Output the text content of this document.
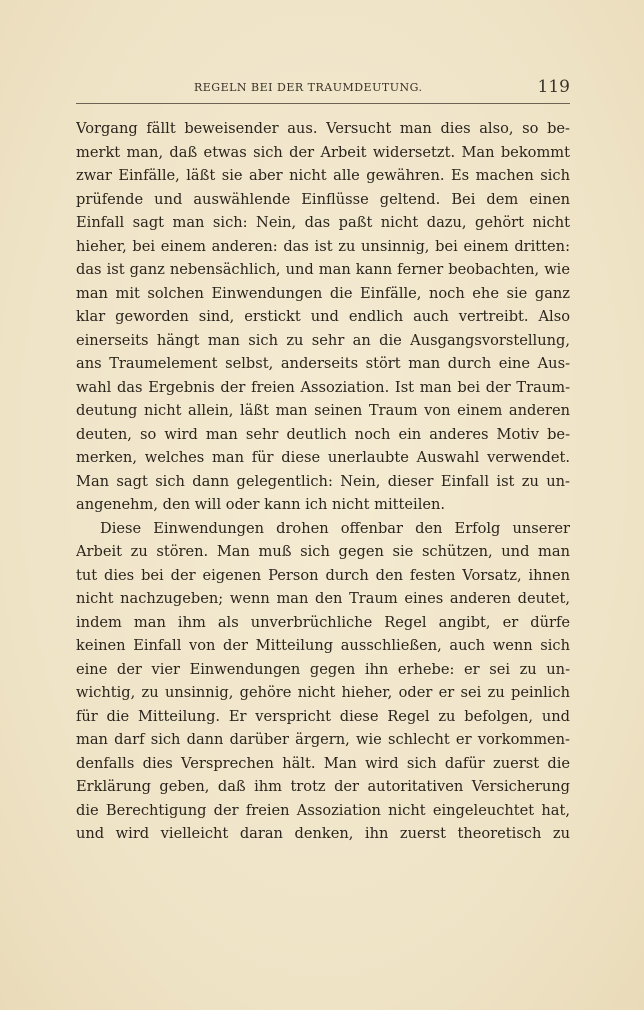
REGELN BEI DER TRAUMDEUTUNG.	119
Vorgang fällt beweisender aus. Versucht man dies also, so be-
merkt man, daß etwas sich der Arbeit widersetzt. Man bekommt
zwar Einfälle, läßt sie aber nicht alle gewähren. Es machen sich
prüfende und auswählende Einflüsse geltend. Bei dem einen
Einfall sagt man sich: Nein, das paßt nicht dazu, gehört nicht
hieher, bei einem anderen: das ist zu unsinnig, bei einem dritten:
das ist ganz nebensächlich, und man kann ferner beobachten, wie
man mit solchen Einwendungen die Einfälle, noch ehe sie ganz
klar geworden sind, erstickt und endlich auch vertreibt. Also
einerseits hängt man sich zu sehr an die Ausgangsvorstellung,
ans Traumelement selbst, anderseits stört man durch eine Aus-
wahl das Ergebnis der freien Assoziation. Ist man bei der Traum-
deutung nicht allein, läßt man seinen Traum von einem anderen
deuten, so wird man sehr deutlich noch ein anderes Motiv be-
merken, welches man für diese unerlaubte Auswahl verwendet.
Man sagt sich dann gelegentlich: Nein, dieser Einfall ist zu un-
angenehm, den will oder kann ich nicht mitteilen.
Diese Einwendungen drohen offenbar den Erfolg unserer
Arbeit zu stören. Man muß sich gegen sie schützen, und man
tut dies bei der eigenen Person durch den festen Vorsatz, ihnen
nicht nachzugeben; wenn man den Traum eines anderen deutet,
indem man ihm als unverbrüchliche Regel angibt, er dürfe
keinen Einfall von der Mitteilung ausschließen, auch wenn sich
eine der vier Einwendungen gegen ihn erhebe: er sei zu un-
wichtig, zu unsinnig, gehöre nicht hieher, oder er sei zu peinlich
für die Mitteilung. Er verspricht diese Regel zu befolgen, und
man darf sich dann darüber ärgern, wie schlecht er vorkommen-
denfalls dies Versprechen hält. Man wird sich dafür zuerst die
Erklärung geben, daß ihm trotz der autoritativen Versicherung
die Berechtigung der freien Assoziation nicht eingeleuchtet hat,
und wird vielleicht daran denken, ihn zuerst theoretisch zu
